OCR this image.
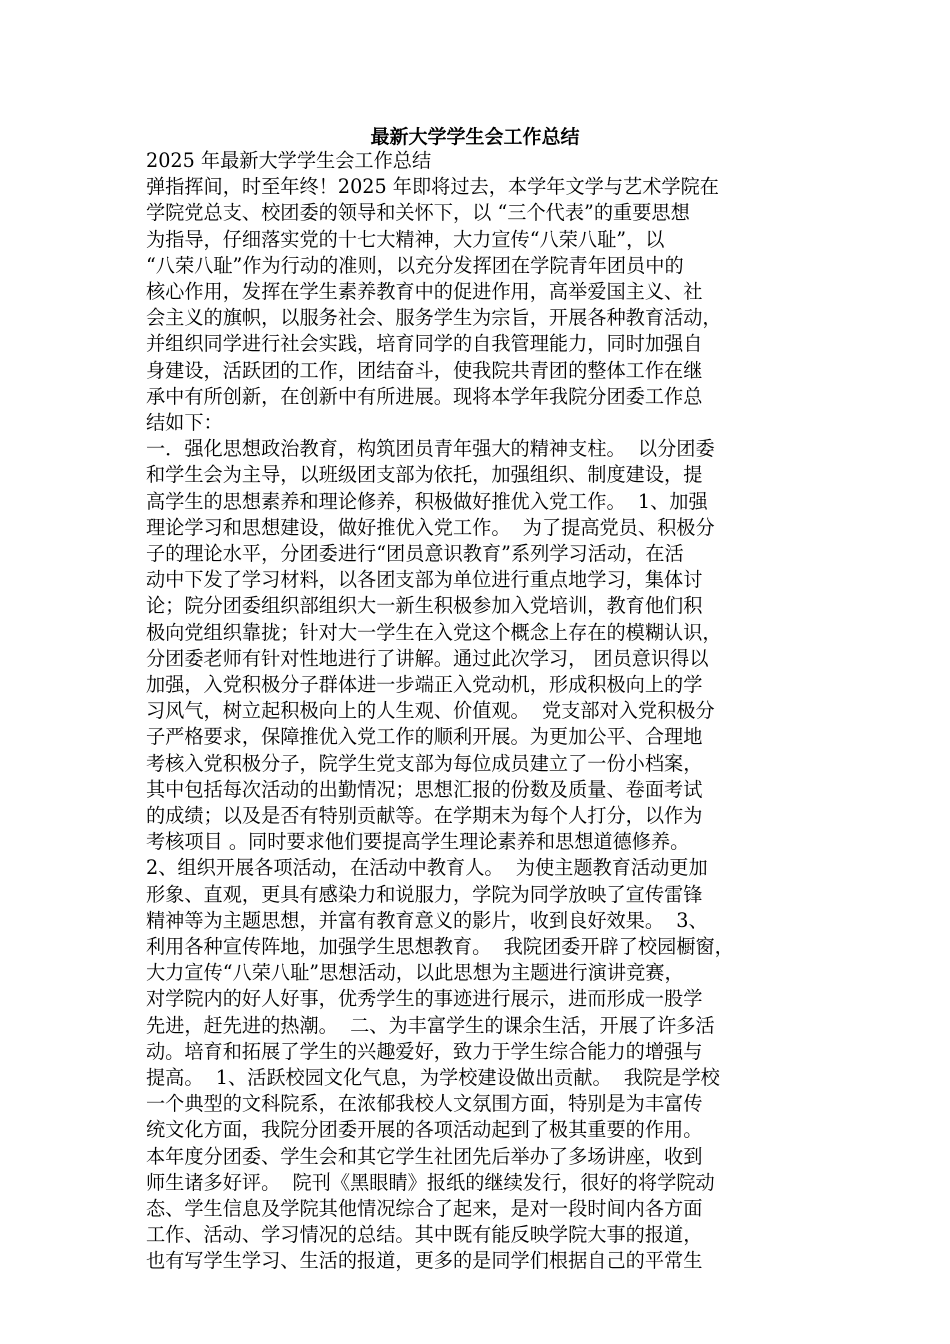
最新大学学生会工作总结

2025 年最新大学学生会工作总结

弹指挥间，时至年终！2025 年即将过去，本学年文学与艺术学院在

学院党总支、校团委的领导和关怀下，以 “三个代表”的重要思想

为指导，仔细落实党的十七大精神，大力宣传“八荣八耻”，以

“八荣八耻”作为行动的准则，以充分发挥团在学院青年团员中的

核心作用，发挥在学生素养教育中的促进作用，高举爱国主义、社

会主义的旗帜，以服务社会、服务学生为宗旨，开展各种教育活动，

并组织同学进行社会实践，培育同学的自我管理能力，同时加强自

身建设，活跃团的工作，团结奋斗，使我院共青团的整体工作在继

承中有所创新，在创新中有所进展。现将本学年我院分团委工作总

结如下：

一．强化思想政治教育，构筑团员青年强大的精神支柱。  以分团委

和学生会为主导，以班级团支部为依托，加强组织、制度建设，提

高学生的思想素养和理论修养，积极做好推优入党工作。  1、加强

理论学习和思想建设，做好推优入党工作。  为了提高党员、积极分

子的理论水平，分团委进行“团员意识教育”系列学习活动，在活

动中下发了学习材料，以各团支部为单位进行重点地学习，集体讨

论；院分团委组织部组织大一新生积极参加入党培训，教育他们积

极向党组织靠拢；针对大一学生在入党这个概念上存在的模糊认识，

分团委老师有针对性地进行了讲解。通过此次学习， 团员意识得以

加强，入党积极分子群体进一步端正入党动机，形成积极向上的学

习风气，树立起积极向上的人生观、价值观。  党支部对入党积极分

子严格要求，保障推优入党工作的顺利开展。为更加公平、合理地

考核入党积极分子，院学生党支部为每位成员建立了一份小档案，

其中包括每次活动的出勤情况；思想汇报的份数及质量、卷面考试

的成绩；以及是否有特别贡献等。在学期末为每个人打分，以作为

考核项目 。同时要求他们要提高学生理论素养和思想道德修养。

2、组织开展各项活动，在活动中教育人。  为使主题教育活动更加

形象、直观，更具有感染力和说服力，学院为同学放映了宣传雷锋

精神等为主题思想，并富有教育意义的影片，收到良好效果。  3、

利用各种宣传阵地，加强学生思想教育。  我院团委开辟了校园橱窗，

大力宣传“八荣八耻”思想活动，以此思想为主题进行演讲竞赛，

对学院内的好人好事，优秀学生的事迹进行展示，进而形成一股学

先进，赶先进的热潮。  二、为丰富学生的课余生活，开展了许多活

动。培育和拓展了学生的兴趣爱好，致力于学生综合能力的增强与

提高。  1、活跃校园文化气息，为学校建设做出贡献。  我院是学校

一个典型的文科院系，在浓郁我校人文氛围方面，特别是为丰富传

统文化方面，我院分团委开展的各项活动起到了极其重要的作用。

本年度分团委、学生会和其它学生社团先后举办了多场讲座，收到

师生诸多好评。  院刊《黑眼睛》报纸的继续发行，很好的将学院动

态、学生信息及学院其他情况综合了起来，是对一段时间内各方面

工作、活动、学习情况的总结。其中既有能反映学院大事的报道，

也有写学生学习、生活的报道，更多的是同学们根据自己的平常生
